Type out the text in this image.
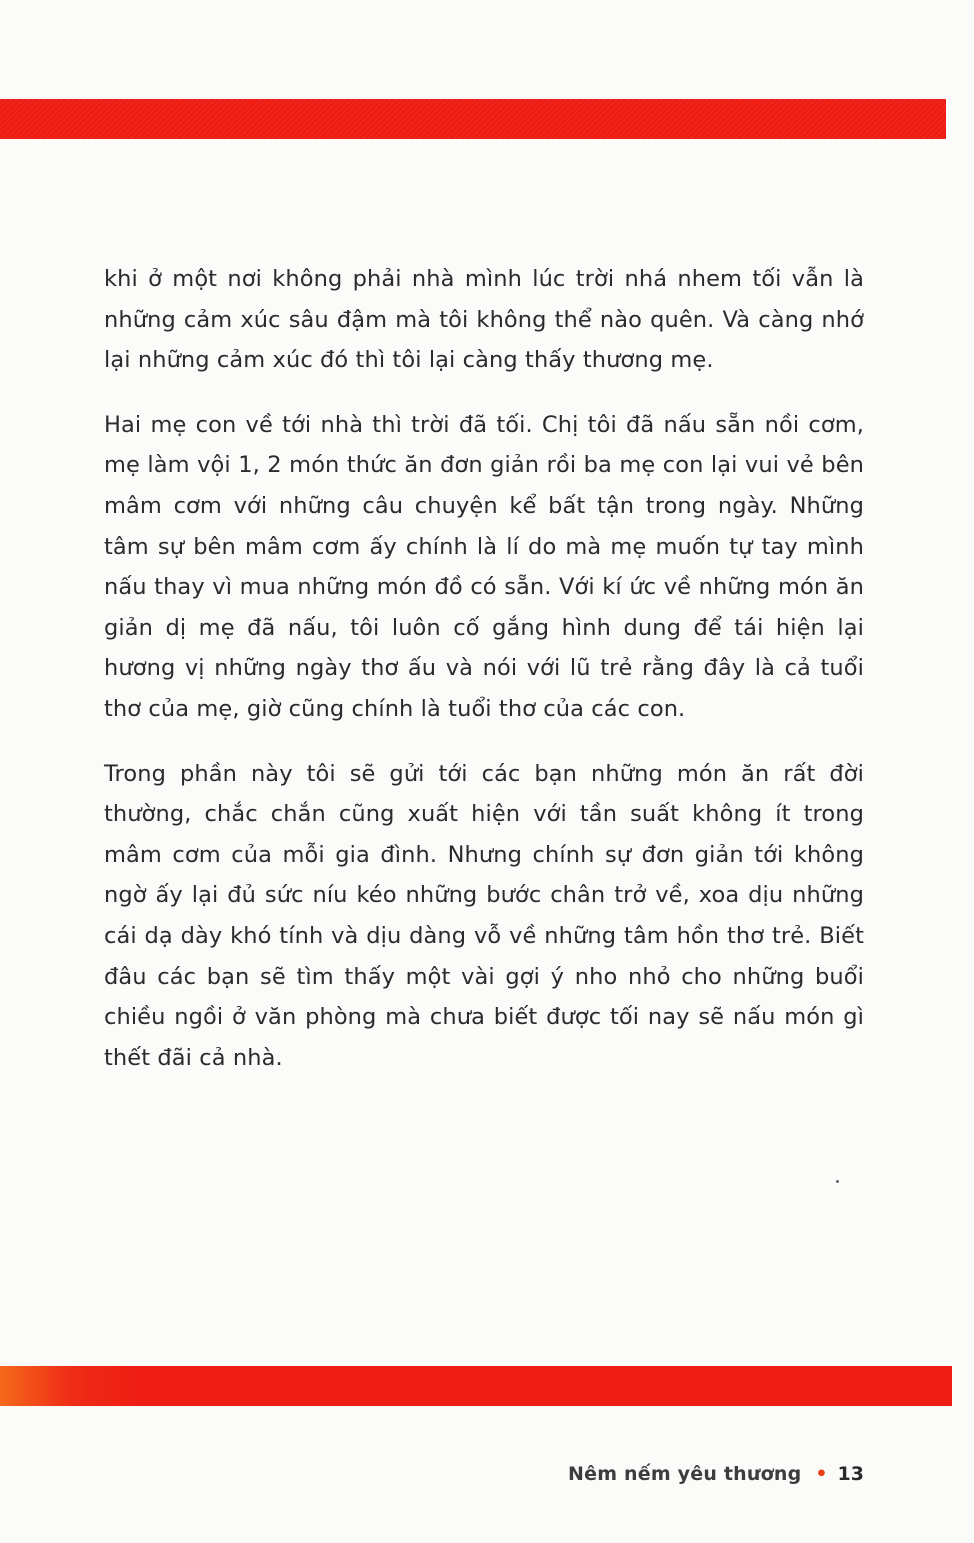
khi ở một nơi không phải nhà mình lúc trời nhá nhem tối vẫn là những cảm xúc sâu đậm mà tôi không thể nào quên. Và càng nhớ lại những cảm xúc đó thì tôi lại càng thấy thương mẹ.

Hai mẹ con về tới nhà thì trời đã tối. Chị tôi đã nấu sẵn nồi cơm, mẹ làm vội 1, 2 món thức ăn đơn giản rồi ba mẹ con lại vui vẻ bên mâm cơm với những câu chuyện kể bất tận trong ngày. Những tâm sự bên mâm cơm ấy chính là lí do mà mẹ muốn tự tay mình nấu thay vì mua những món đồ có sẵn. Với kí ức về những món ăn giản dị mẹ đã nấu, tôi luôn cố gắng hình dung để tái hiện lại hương vị những ngày thơ ấu và nói với lũ trẻ rằng đây là cả tuổi thơ của mẹ, giờ cũng chính là tuổi thơ của các con.

Trong phần này tôi sẽ gửi tới các bạn những món ăn rất đời thường, chắc chắn cũng xuất hiện với tần suất không ít trong mâm cơm của mỗi gia đình. Nhưng chính sự đơn giản tới không ngờ ấy lại đủ sức níu kéo những bước chân trở về, xoa dịu những cái dạ dày khó tính và dịu dàng vỗ về những tâm hồn thơ trẻ. Biết đâu các bạn sẽ tìm thấy một vài gợi ý nho nhỏ cho những buổi chiều ngồi ở văn phòng mà chưa biết được tối nay sẽ nấu món gì thết đãi cả nhà.

Nêm nếm yêu thương • 13
